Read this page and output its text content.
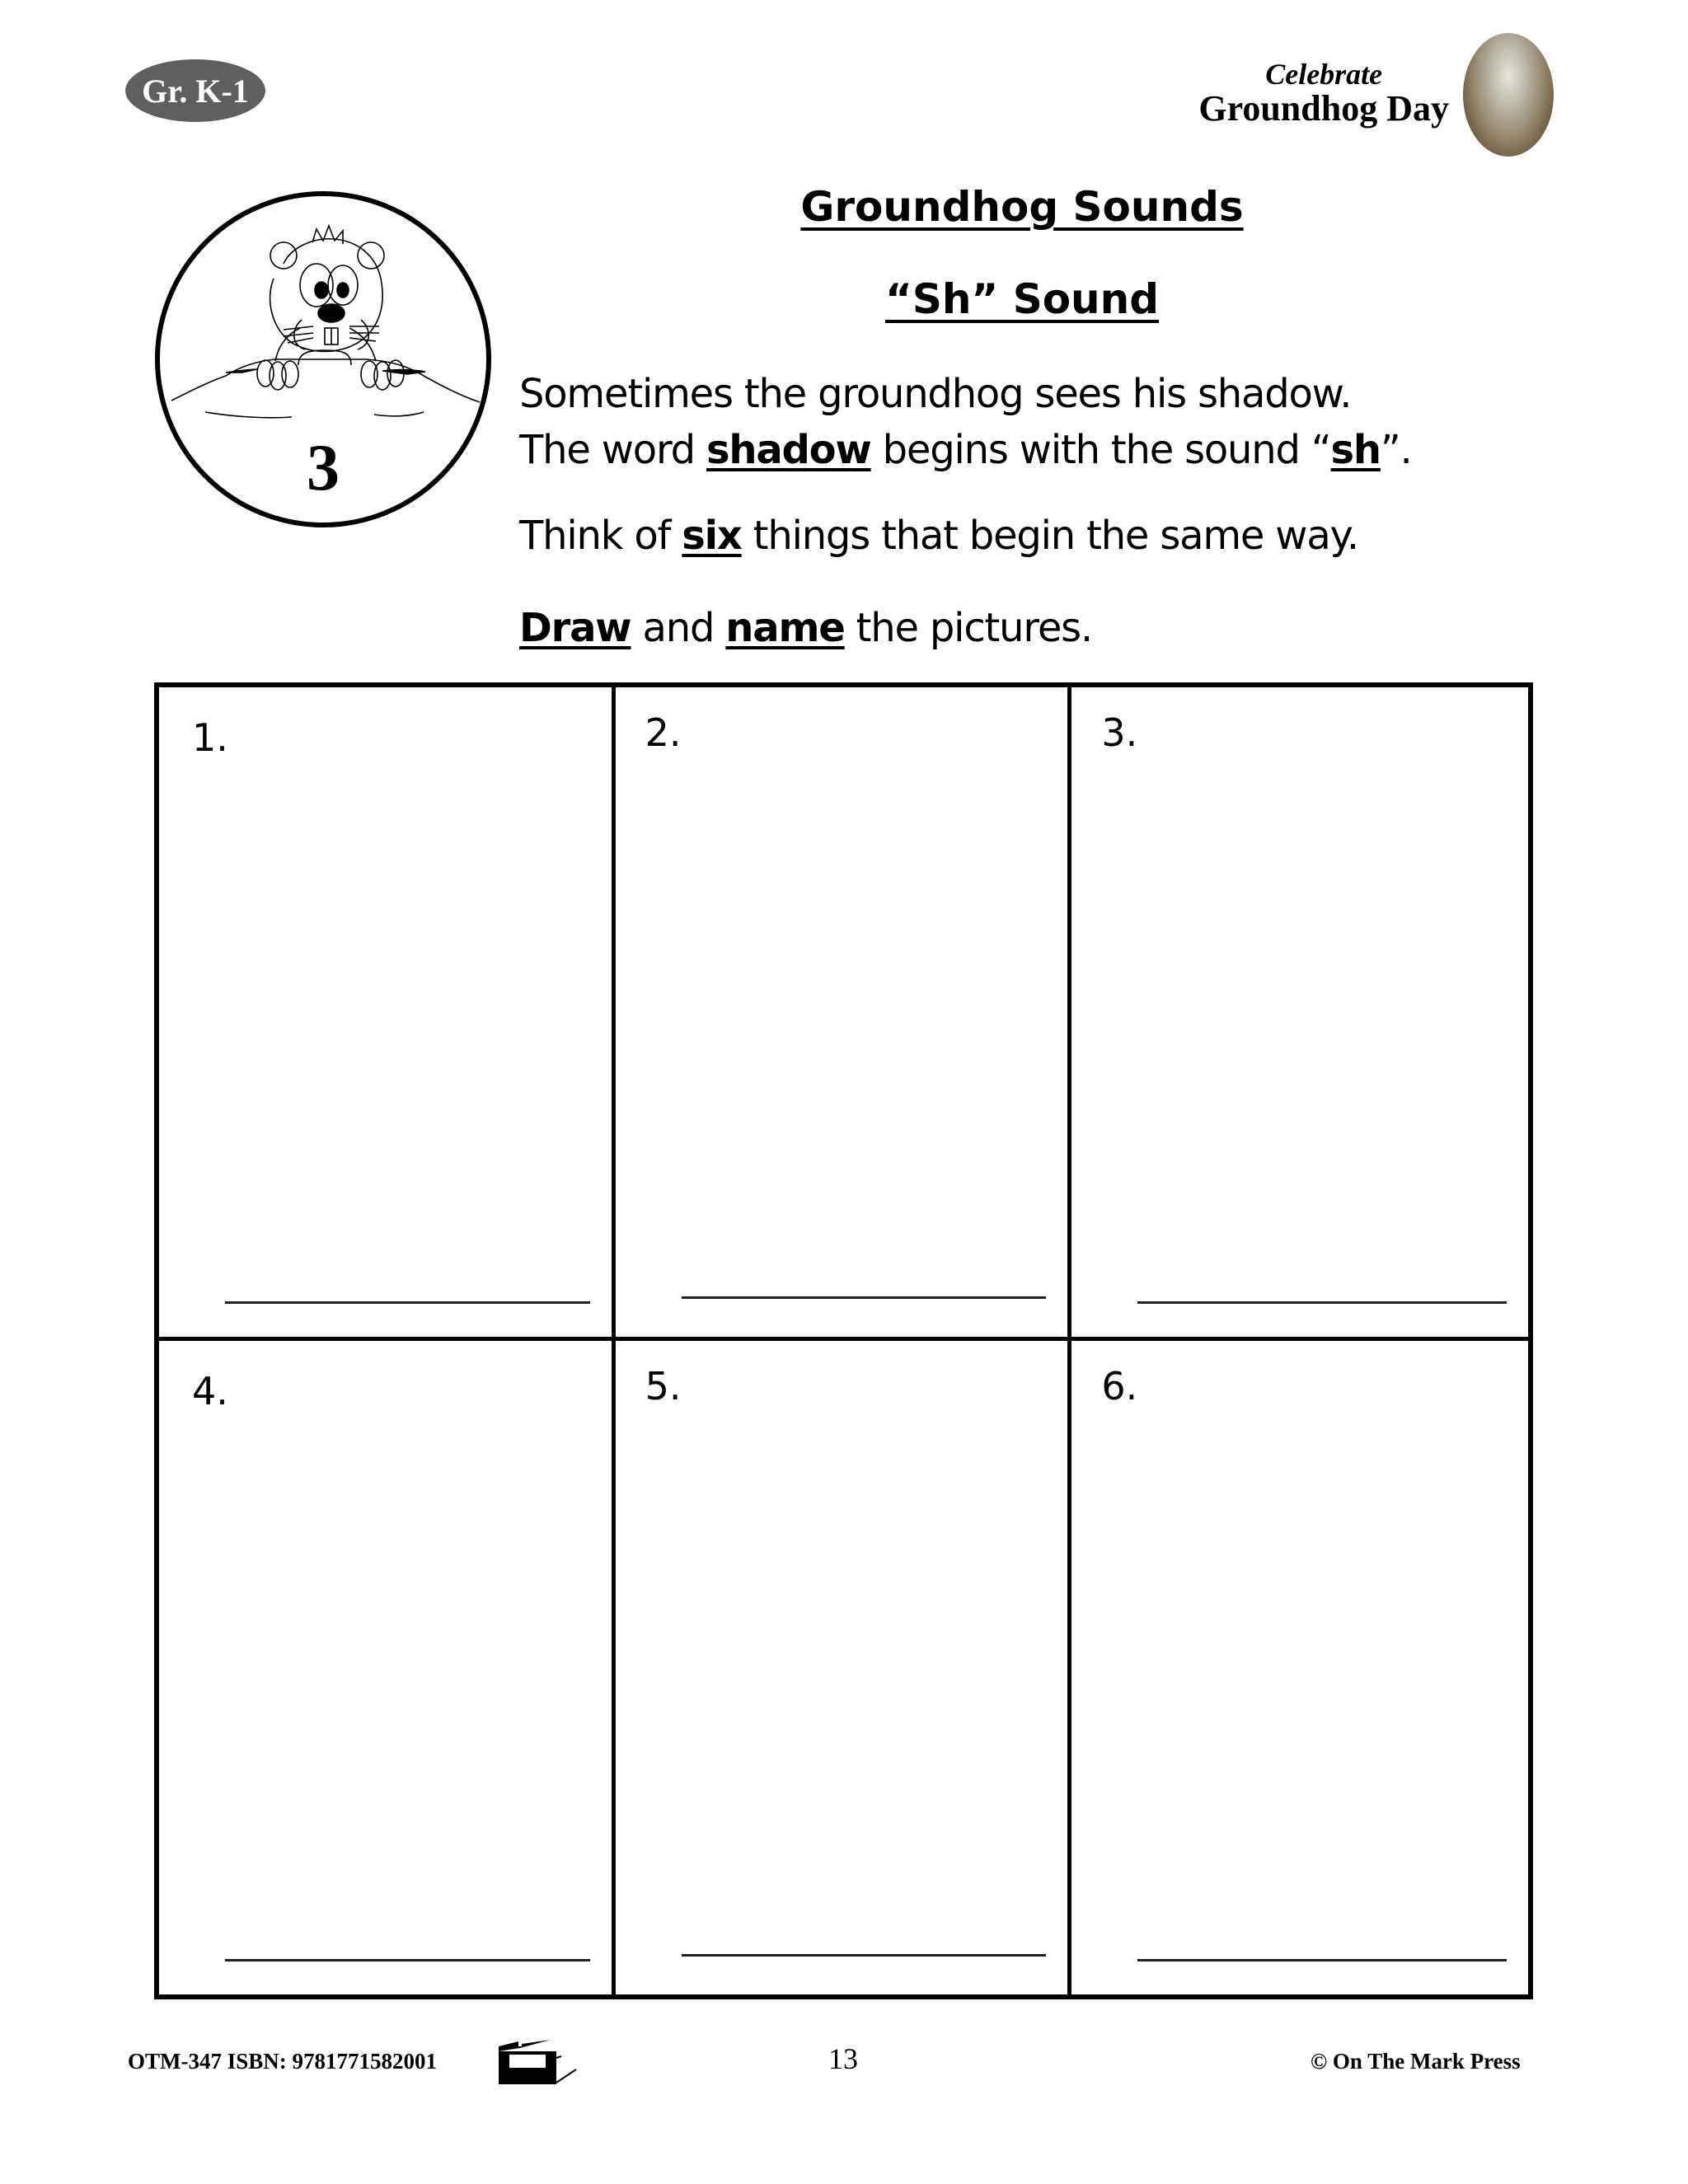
Gr. K-1	Celebrate
Groundhog Day
3
Groundhog Sounds
“Sh” Sound
Sometimes the groundhog sees his shadow.
The word shadow begins with the sound “sh”.
Think of six things that begin the same way.
Draw and name the pictures.
1.	2.	3.
4.	5.	6.
OTM-347 ISBN: 9781771582001	13	© On The Mark Press
